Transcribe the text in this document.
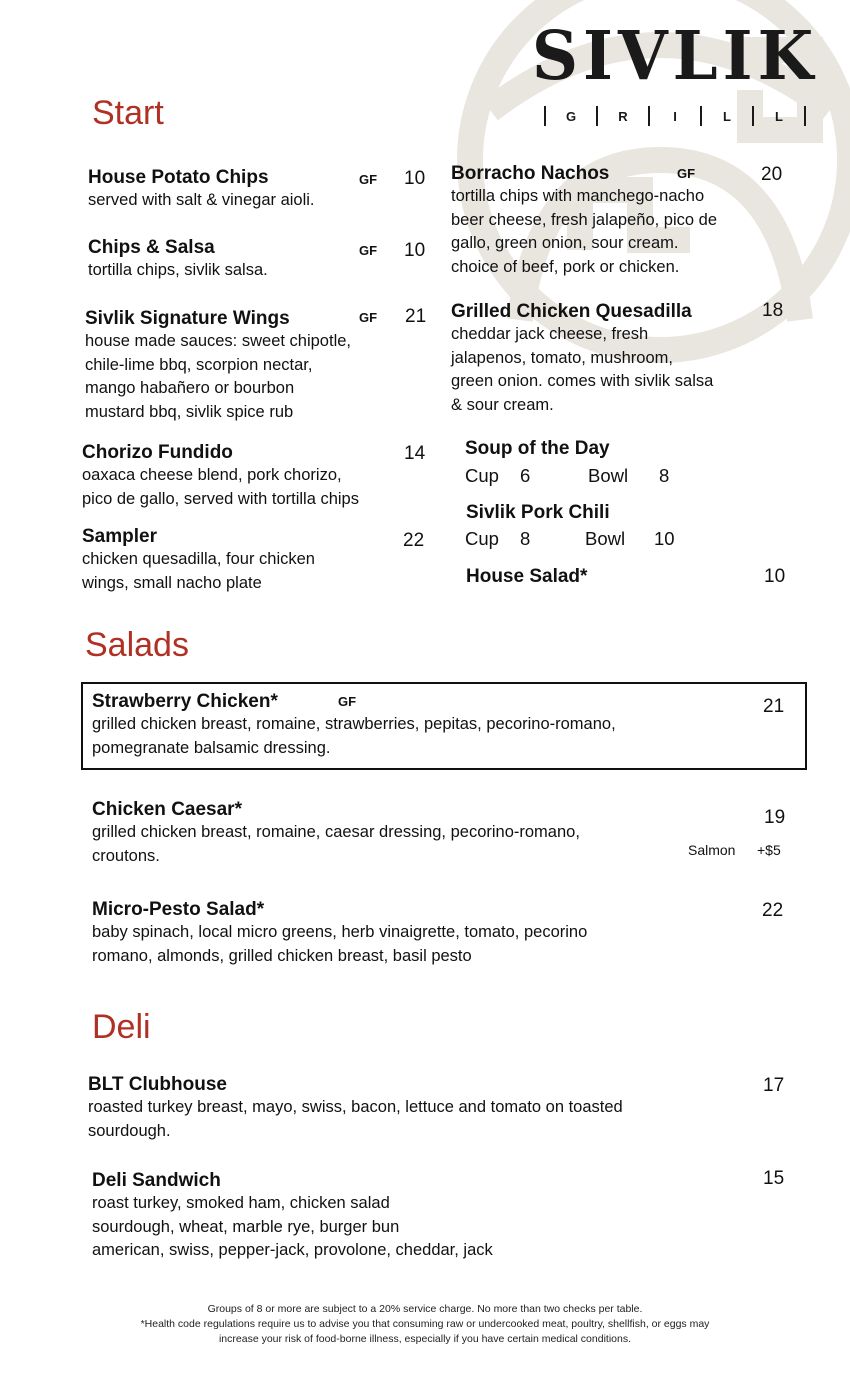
SIVLIK
G	R	I	L	L
Start
House Potato Chips
served with salt & vinegar aioli.
GF 10
Chips & Salsa
tortilla chips, sivlik salsa.
GF 10
Sivlik Signature Wings
house made sauces: sweet chipotle,
chile-lime bbq, scorpion nectar,
mango habañero or bourbon
mustard bbq, sivlik spice rub
GF 21
Chorizo Fundido
oaxaca cheese blend, pork chorizo,
pico de gallo, served with tortilla chips
14
Sampler
chicken quesadilla, four chicken
wings, small nacho plate
22
Borracho Nachos
tortilla chips with manchego-nacho
beer cheese, fresh jalapeño, pico de
gallo, green onion, sour cream.
choice of beef, pork or chicken.
GF	20
Grilled Chicken Quesadilla
cheddar jack cheese, fresh
jalapenos, tomato, mushroom,
green onion. comes with sivlik salsa
& sour cream.
18
Soup of the Day
Cup 6	Bowl 8
Sivlik Pork Chili
Cup 8	Bowl 10
House Salad*	10
Salads
Strawberry Chicken*
grilled chicken breast, romaine, strawberries, pepitas, pecorino-romano,
pomegranate balsamic dressing.
GF	21
Chicken Caesar*
grilled chicken breast, romaine, caesar dressing, pecorino-romano,
croutons.
19
Salmon +$5
Micro-Pesto Salad*
baby spinach, local micro greens, herb vinaigrette, tomato, pecorino
romano, almonds, grilled chicken breast, basil pesto
22
Deli
BLT Clubhouse
roasted turkey breast, mayo, swiss, bacon, lettuce and tomato on toasted
sourdough.
17
Deli Sandwich
roast turkey, smoked ham, chicken salad
sourdough, wheat, marble rye, burger bun
american, swiss, pepper-jack, provolone, cheddar, jack
15
Groups of 8 or more are subject to a 20% service charge. No more than two checks per table.
*Health code regulations require us to advise you that consuming raw or undercooked meat, poultry, shellfish, or eggs may
increase your risk of food-borne illness, especially if you have certain medical conditions.
